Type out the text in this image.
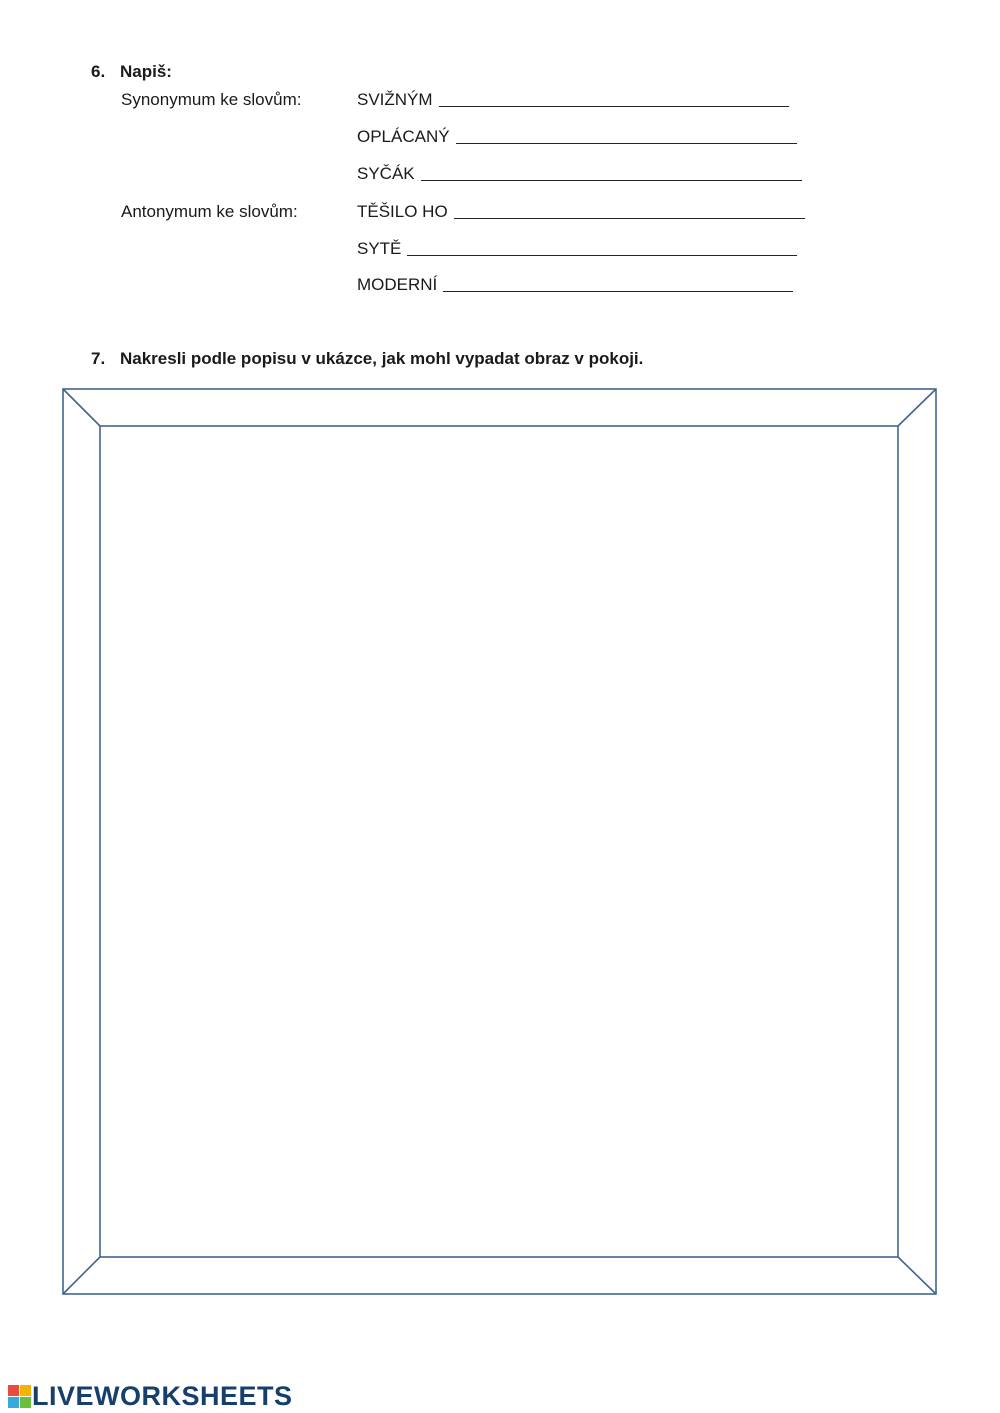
6. Napiš:
Synonymum ke slovům:	SVIŽNÝM
OPLÁCANÝ
SYČÁK
Antonymum ke slovům:	TĚŠILO HO
SYTĚ
MODERNÍ
7. Nakresli podle popisu v ukázce, jak mohl vypadat obraz v pokoji.
LIVEWORKSHEETS
